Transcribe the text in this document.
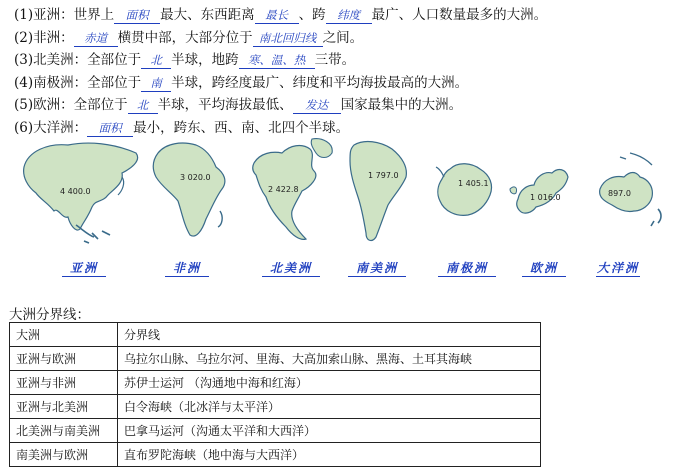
(1)亚洲：世界上 面积 最大、东西距离 最长 、跨 纬度 最广、人口数量最多的大洲。
(2)非洲： 赤道 横贯中部，大部分位于 南北回归线 之间。
(3)北美洲：全部位于 北 半球，地跨 寒、温、热 三带。
(4)南极洲：全部位于 南 半球，跨经度最广、纬度和平均海拔最高的大洲。
(5)欧洲：全部位于 北 半球，平均海拔最低、 发达 国家最集中的大洲。
(6)大洋洲： 面积 最小，跨东、西、南、北四个半球。
4 400.0
亚洲
3 020.0
非洲
2 422.8
北美洲
1 797.0
南美洲
1 405.1
南极洲
1 016.0
欧洲
897.0
大洋洲
大洲分界线：
大洲	分界线
亚洲与欧洲	乌拉尔山脉、乌拉尔河、里海、大高加索山脉、黑海、土耳其海峡
亚洲与非洲	苏伊士运河 （沟通地中海和红海）
亚洲与北美洲	白令海峡（北冰洋与太平洋）
北美洲与南美洲	巴拿马运河（沟通太平洋和大西洋）
南美洲与欧洲	直布罗陀海峡（地中海与大西洋）
